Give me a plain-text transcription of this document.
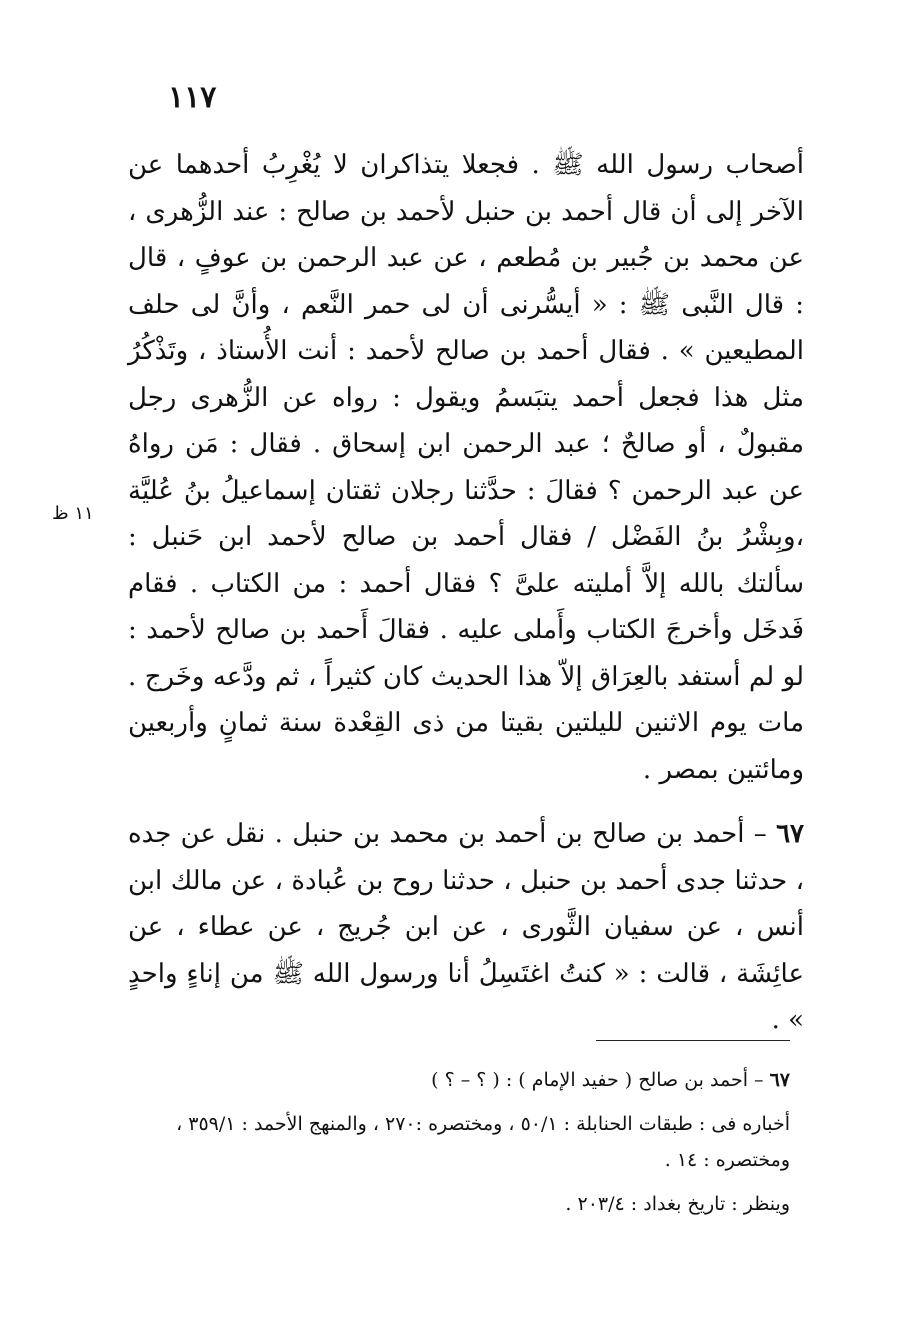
١١٧
١١ ظ

أصحاب رسول الله ﷺ . فجعلا يتذاكران لا يُغْرِبُ أحدهما عن الآخر إلى أن قال أحمد بن حنبل لأحمد بن صالح : عند الزُّهرى ، عن محمد بن جُبير بن مُطعم ، عن عبد الرحمن بن عوفٍ ، قال : قال النَّبى ﷺ : « أيسُّرنى أن لى حمر النَّعم ، وأنَّ لى حلف المطيعين » . فقال أحمد بن صالح لأحمد : أنت الأُستاذ ، وتَذْكُرُ مثل هذا فجعل أحمد يتبَسمُ ويقول : رواه عن الزُّهرى رجل مقبولٌ ، أو صالحٌ ؛ عبد الرحمن ابن إسحاق . فقال : مَن رواهُ عن عبد الرحمن ؟ فقالَ : حدَّثنا رجلان ثقتان إسماعيلُ بنُ عُليَّة ،وبِشْرُ بنُ الفَضْل / فقال أحمد بن صالح لأحمد ابن حَنبل : سألتك بالله إلاَّ أمليته علىَّ ؟ فقال أحمد : من الكتاب . فقام فَدخَل وأخرجَ الكتاب وأَملى عليه . فقالَ أَحمد بن صالح لأحمد : لو لم أستفد بالعِرَاق إلاّ هذا الحديث كان كثيراً ، ثم ودَّعه وخَرج . مات يوم الاثنين لليلتين بقيتا من ذى القِعْدة سنة ثمانٍ وأربعين ومائتين بمصر .

٦٧ – أحمد بن صالح بن أحمد بن محمد بن حنبل . نقل عن جده ، حدثنا جدى أحمد بن حنبل ، حدثنا روح بن عُبادة ، عن مالك ابن أنس ، عن سفيان الثَّورى ، عن ابن جُريج ، عن عطاء ، عن عائِشَة ، قالت : « كنتُ اغتَسِلُ أنا ورسول الله ﷺ من إناءٍ واحدٍ » .

٦٧ – أحمد بن صالح ( حفيد الإمام ) : ( ؟ – ؟ )

أخباره فى : طبقات الحنابلة : ٥٠/١ ، ومختصره :٢٧٠ ، والمنهج الأحمد : ٣٥٩/١ ، ومختصره : ١٤ .

وينظر : تاريخ بغداد : ٢٠٣/٤ .
